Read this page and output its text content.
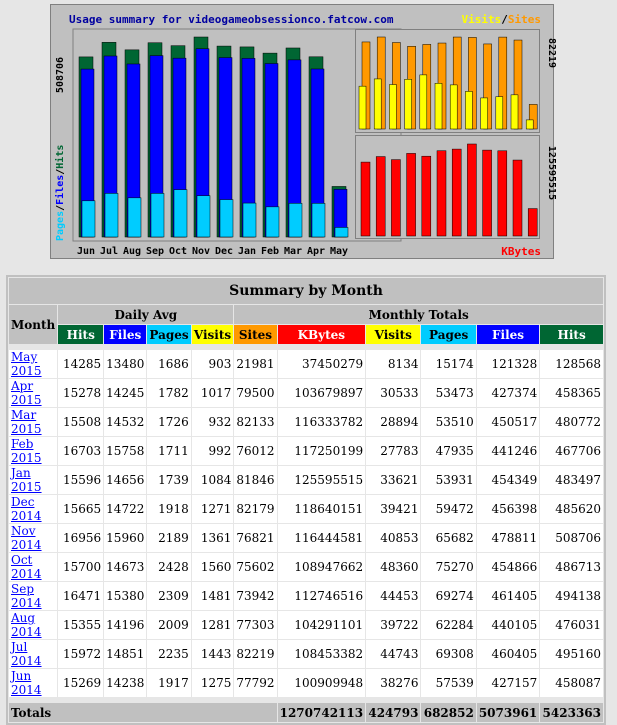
Jun Jul Aug Sep Oct Nov Dec Jan Feb Mar Apr May
Usage summary for videogameobsessionco.fatcow.com
508706
Pages/Files/Hits
Visits/Sites
82219
125595515
KBytes
Summary by Month										
Month	Daily Avg				Monthly Totals					
	Hits	Files	Pages	Visits	Sites	KBytes	Visits	Pages	Files	Hits

May 2015	14285	13480	1686	903	21981	37450279	8134	15174	121328	128568
Apr 2015	15278	14245	1782	1017	79500	103679897	30533	53473	427374	458365
Mar 2015	15508	14532	1726	932	82133	116333782	28894	53510	450517	480772
Feb 2015	16703	15758	1711	992	76012	117250199	27783	47935	441246	467706
Jan 2015	15596	14656	1739	1084	81846	125595515	33621	53931	454349	483497
Dec 2014	15665	14722	1918	1271	82179	118640151	39421	59472	456398	485620
Nov 2014	16956	15960	2189	1361	76821	116444581	40853	65682	478811	508706
Oct 2014	15700	14673	2428	1560	75602	108947662	48360	75270	454866	486713
Sep 2014	16471	15380	2309	1481	73942	112746516	44453	69274	461405	494138
Aug 2014	15355	14196	2009	1281	77303	104291101	39722	62284	440105	476031
Jul 2014	15972	14851	2235	1443	82219	108453382	44743	69308	460405	495160
Jun 2014	15269	14238	1917	1275	77792	100909948	38276	57539	427157	458087

Totals						1270742113	424793	682852	5073961	5423363
